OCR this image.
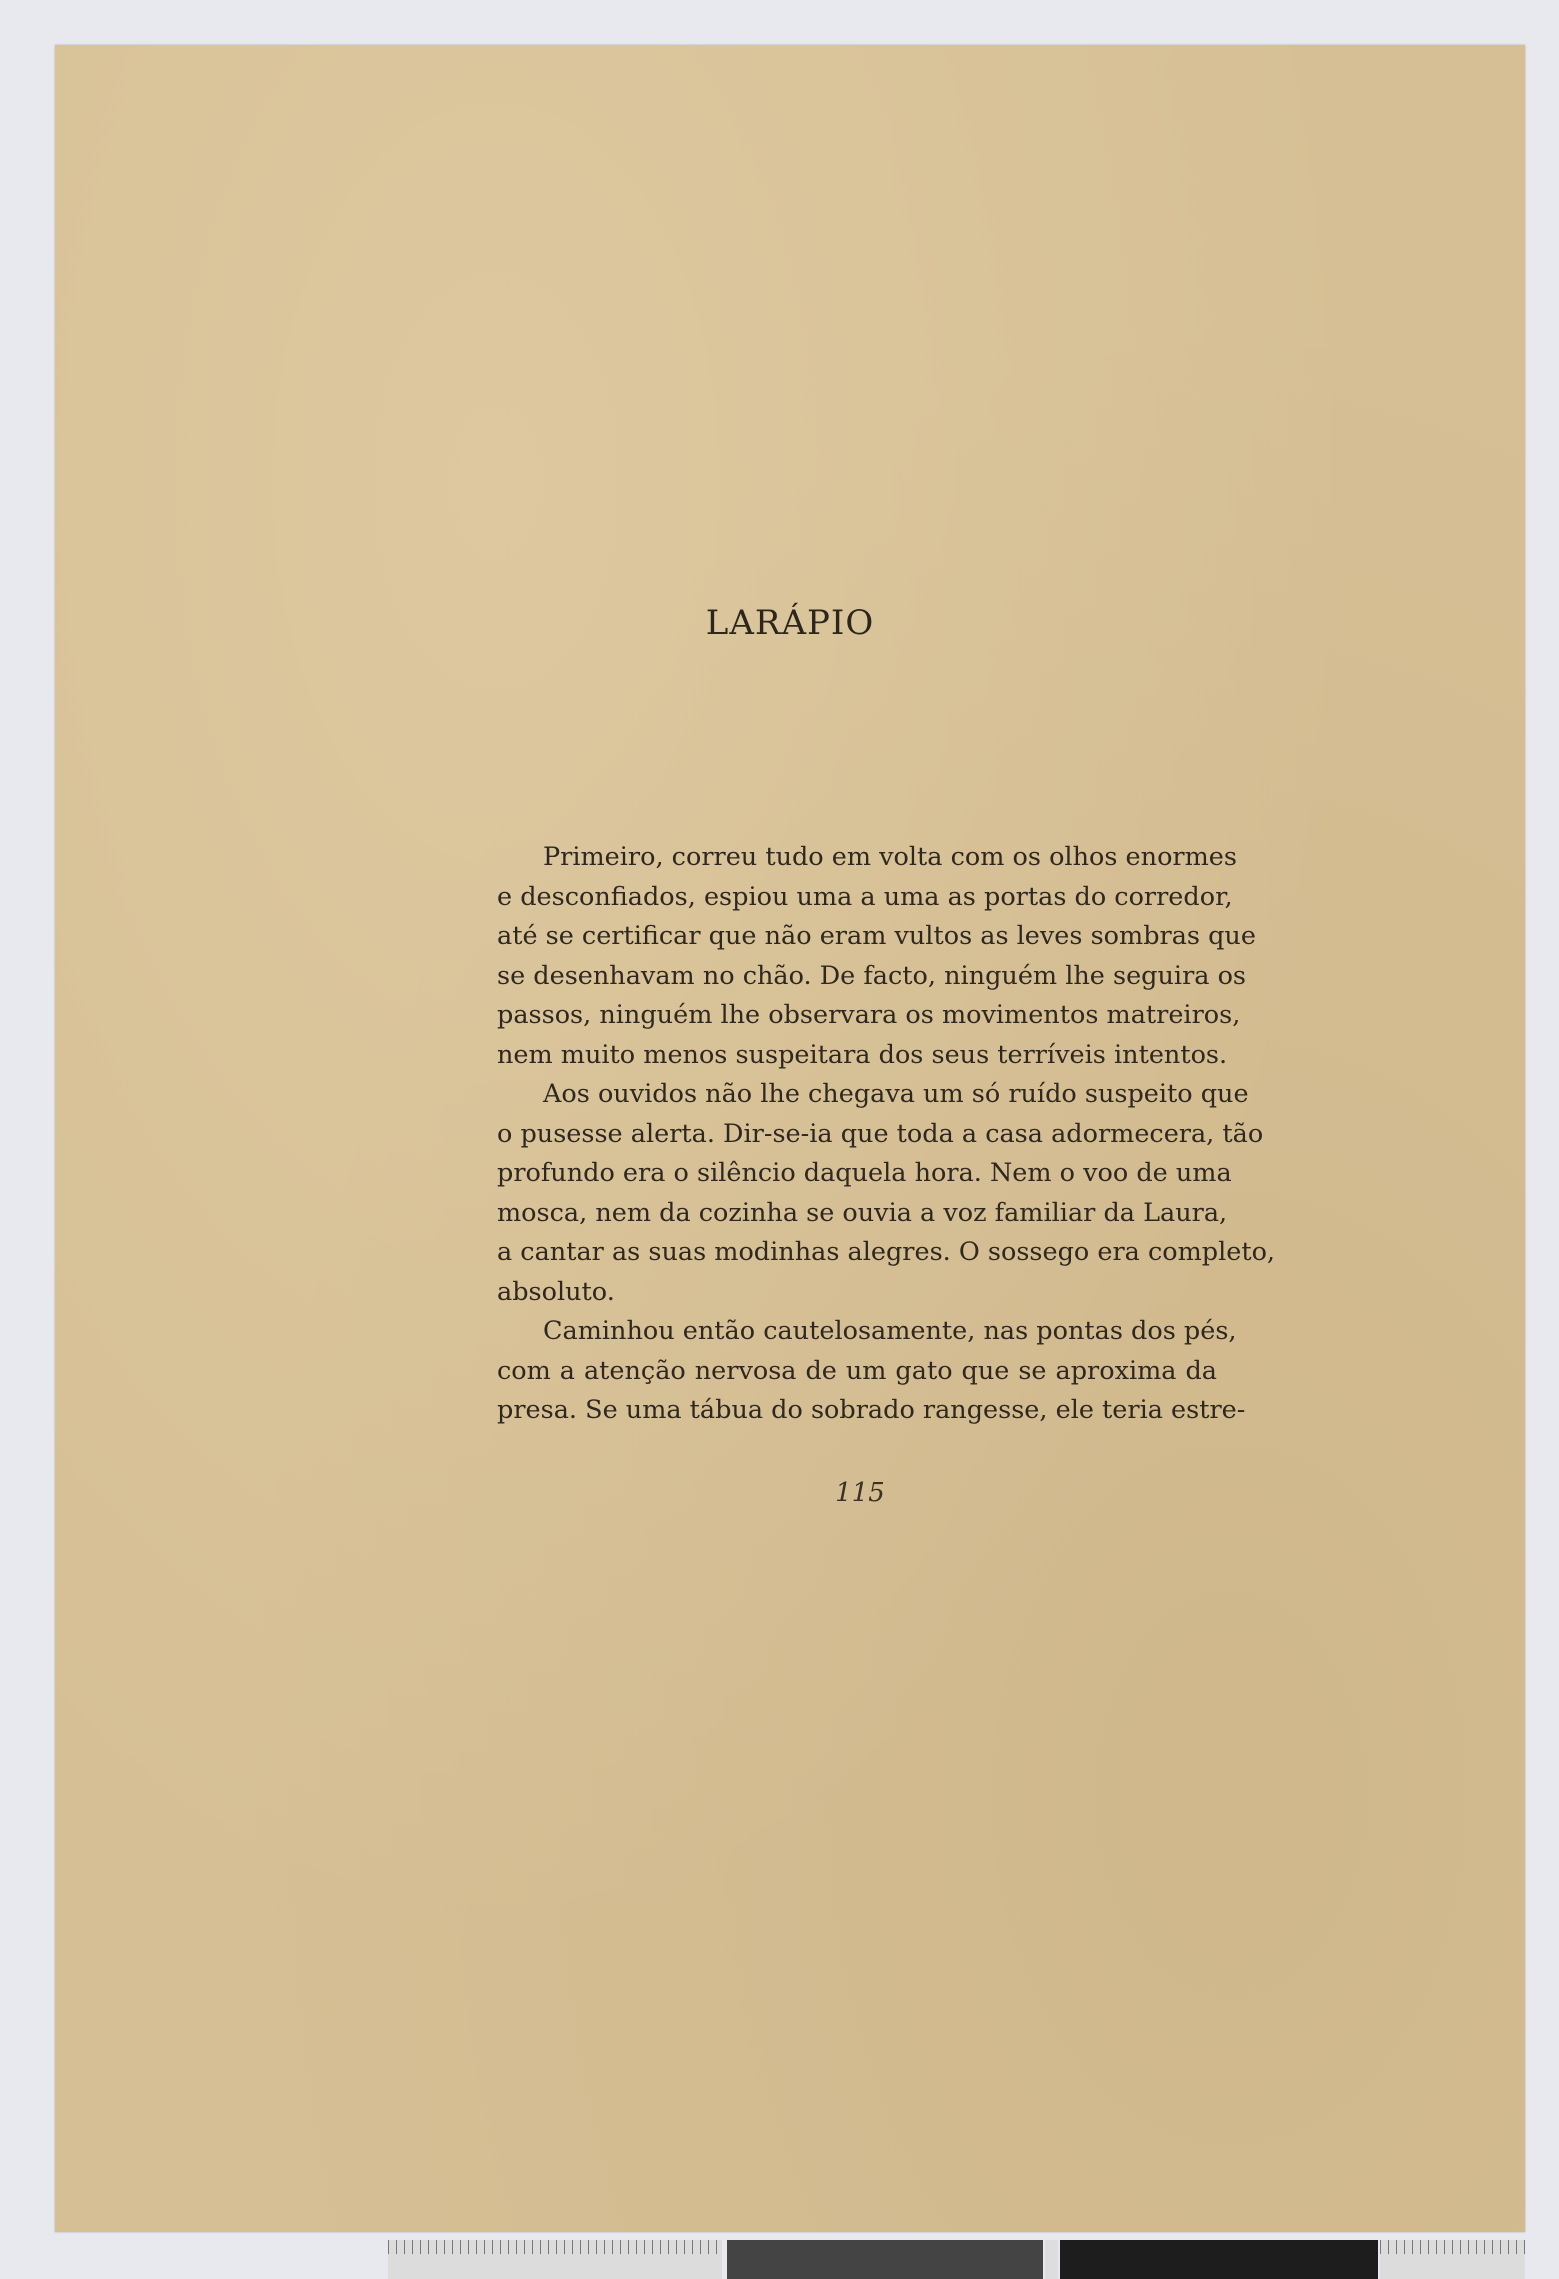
LARÁPIO
Primeiro, correu tudo em volta com os olhos enormes
e desconfiados, espiou uma a uma as portas do corredor,
até se certificar que não eram vultos as leves sombras que
se desenhavam no chão. De facto, ninguém lhe seguira os
passos, ninguém lhe observara os movimentos matreiros,
nem muito menos suspeitara dos seus terríveis intentos.
Aos ouvidos não lhe chegava um só ruído suspeito que
o pusesse alerta. Dir-se-ia que toda a casa adormecera, tão
profundo era o silêncio daquela hora. Nem o voo de uma
mosca, nem da cozinha se ouvia a voz familiar da Laura,
a cantar as suas modinhas alegres. O sossego era completo,
absoluto.
Caminhou então cautelosamente, nas pontas dos pés,
com a atenção nervosa de um gato que se aproxima da
presa. Se uma tábua do sobrado rangesse, ele teria estre-
115
